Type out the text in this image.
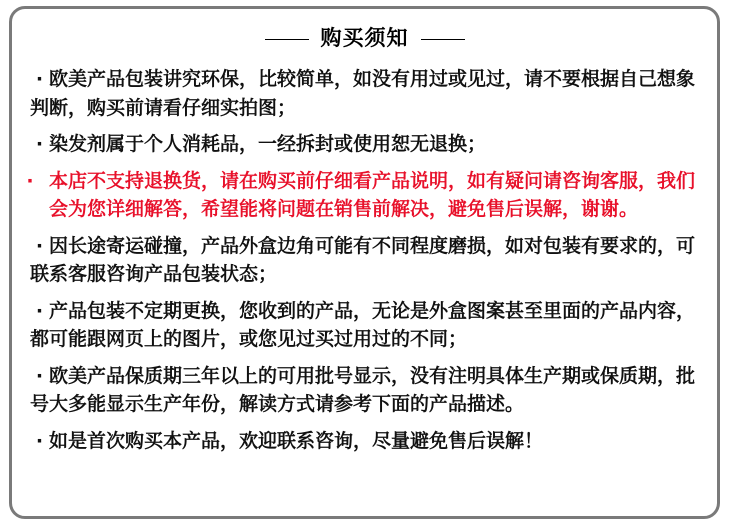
购买须知
· 欧美产品包装讲究环保，比较简单，如没有用过或见过，请不要根据自己想象判断，购买前请看仔细实拍图；
· 染发剂属于个人消耗品，一经拆封或使用恕无退换；
· 本店不支持退换货，请在购买前仔细看产品说明，如有疑问请咨询客服，我们会为您详细解答，希望能将问题在销售前解决，避免售后误解，谢谢。
· 因长途寄运碰撞，产品外盒边角可能有不同程度磨损，如对包装有要求的，可联系客服咨询产品包装状态；
· 产品包装不定期更换，您收到的产品，无论是外盒图案甚至里面的产品内容，都可能跟网页上的图片，或您见过买过用过的不同；
· 欧美产品保质期三年以上的可用批号显示，没有注明具体生产期或保质期，批号大多能显示生产年份，解读方式请参考下面的产品描述。
· 如是首次购买本产品，欢迎联系咨询，尽量避免售后误解！
